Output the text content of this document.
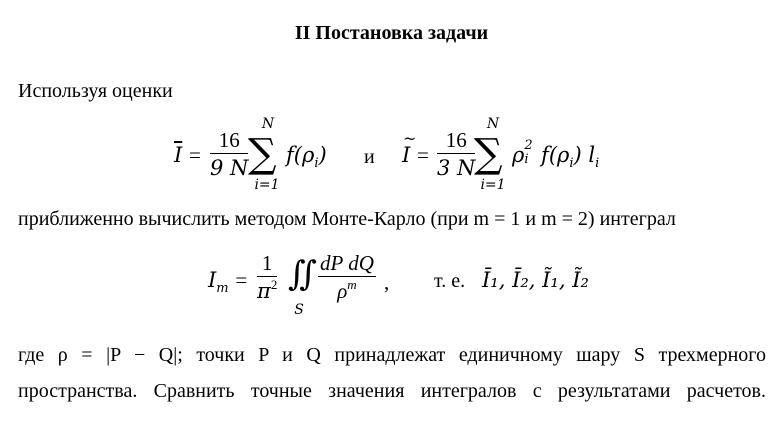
II Постановка задачи
Используя оценки
$\overline{I} = \frac{16}{9 N}$
N
∑
i=1
$f(\rho_i)$ и ~ $I = \frac{16}{3 N}$
N
∑
i=1
ρ 2
i $f(\rho_i)$ $l_i$
приближенно вычислить методом Монте-Карло (при m = 1 и m = 2) интеграл
$I_m = \frac{1}{\pi^2}$ ∬
S
$\frac{\text{dP dQ}}{\rho^m}$ , т. е. Ī₁, Ī₂, Ĩ₁, Ĩ₂
где ρ = |P − Q|; точки P и Q принадлежат единичному шару S трехмерного
пространства. Сравнить точные значения интегралов с результатами расчетов.
